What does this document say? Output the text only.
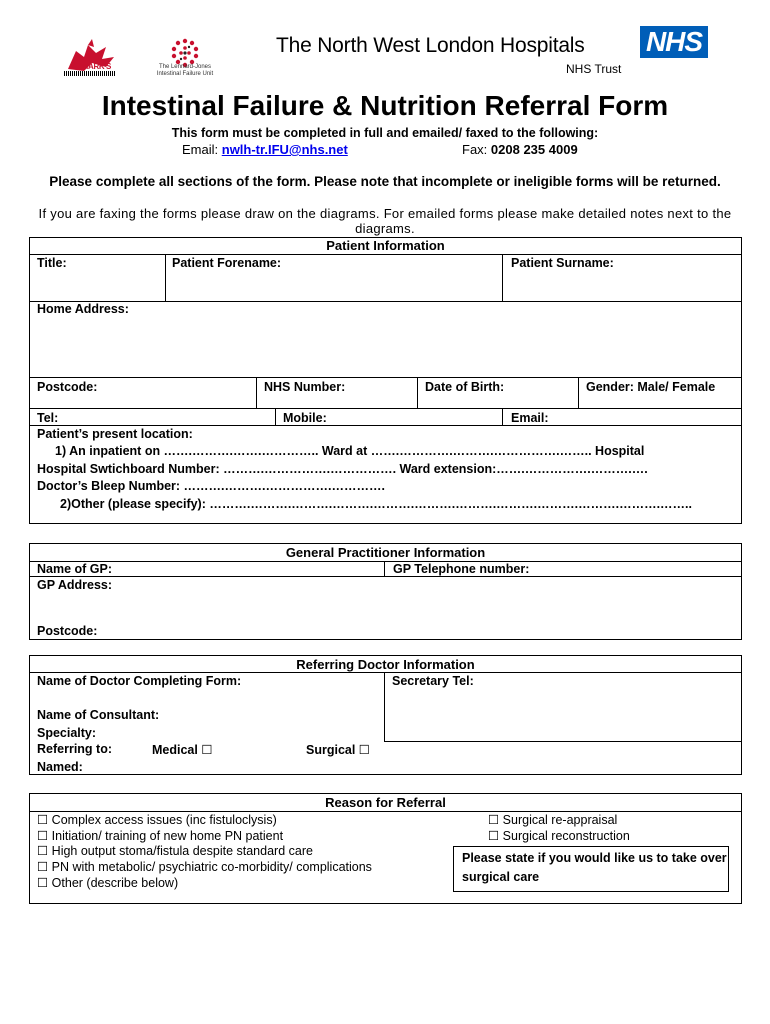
ST.MARK'S	The Lennard-Jones Intestinal Failure Unit
The North West London Hospitals
NHS Trust
NHS
Intestinal Failure & Nutrition Referral Form
This form must be completed in full and emailed/ faxed to the following:
Email: nwlh-tr.IFU@nhs.net	Fax: 0208 235 4009
Please complete all sections of the form. Please note that incomplete or ineligible forms will be returned.
If you are faxing the forms please draw on the diagrams. For emailed forms please make detailed notes next to the diagrams.
Patient Information
Title:	Patient Forename:	Patient Surname:
Home Address:
Postcode:	NHS Number:	Date of Birth:	Gender: Male/ Female
Tel:	Mobile:	Email:
Patient’s present location:
1) An inpatient on …….……….…….………….. Ward at …….………….……….…………….…….. Hospital
Hospital Swtichboard Number: ……….…………….……………. Ward extension:…….…………….……….….
Doctor’s Bleep Number: ……….……….…………….………….
2)Other (please specify): ……….……….……….……….……….……….……….……….……….……….……….……..
General Practitioner Information
Name of GP:	GP Telephone number:
GP Address:
Postcode:
Referring Doctor Information
Name of Doctor Completing Form:	Secretary Tel:
Name of Consultant:
Specialty:
Referring to:	Medical ☐	Surgical ☐
Named:
Reason for Referral
☐ Complex access issues (inc fistuloclysis)
☐ Initiation/ training of new home PN patient
☐ High output stoma/fistula despite standard care
☐ PN with metabolic/ psychiatric co-morbidity/ complications
☐ Other (describe below)
☐ Surgical re-appraisal
☐ Surgical reconstruction
Please state if you would like us to take over surgical care
